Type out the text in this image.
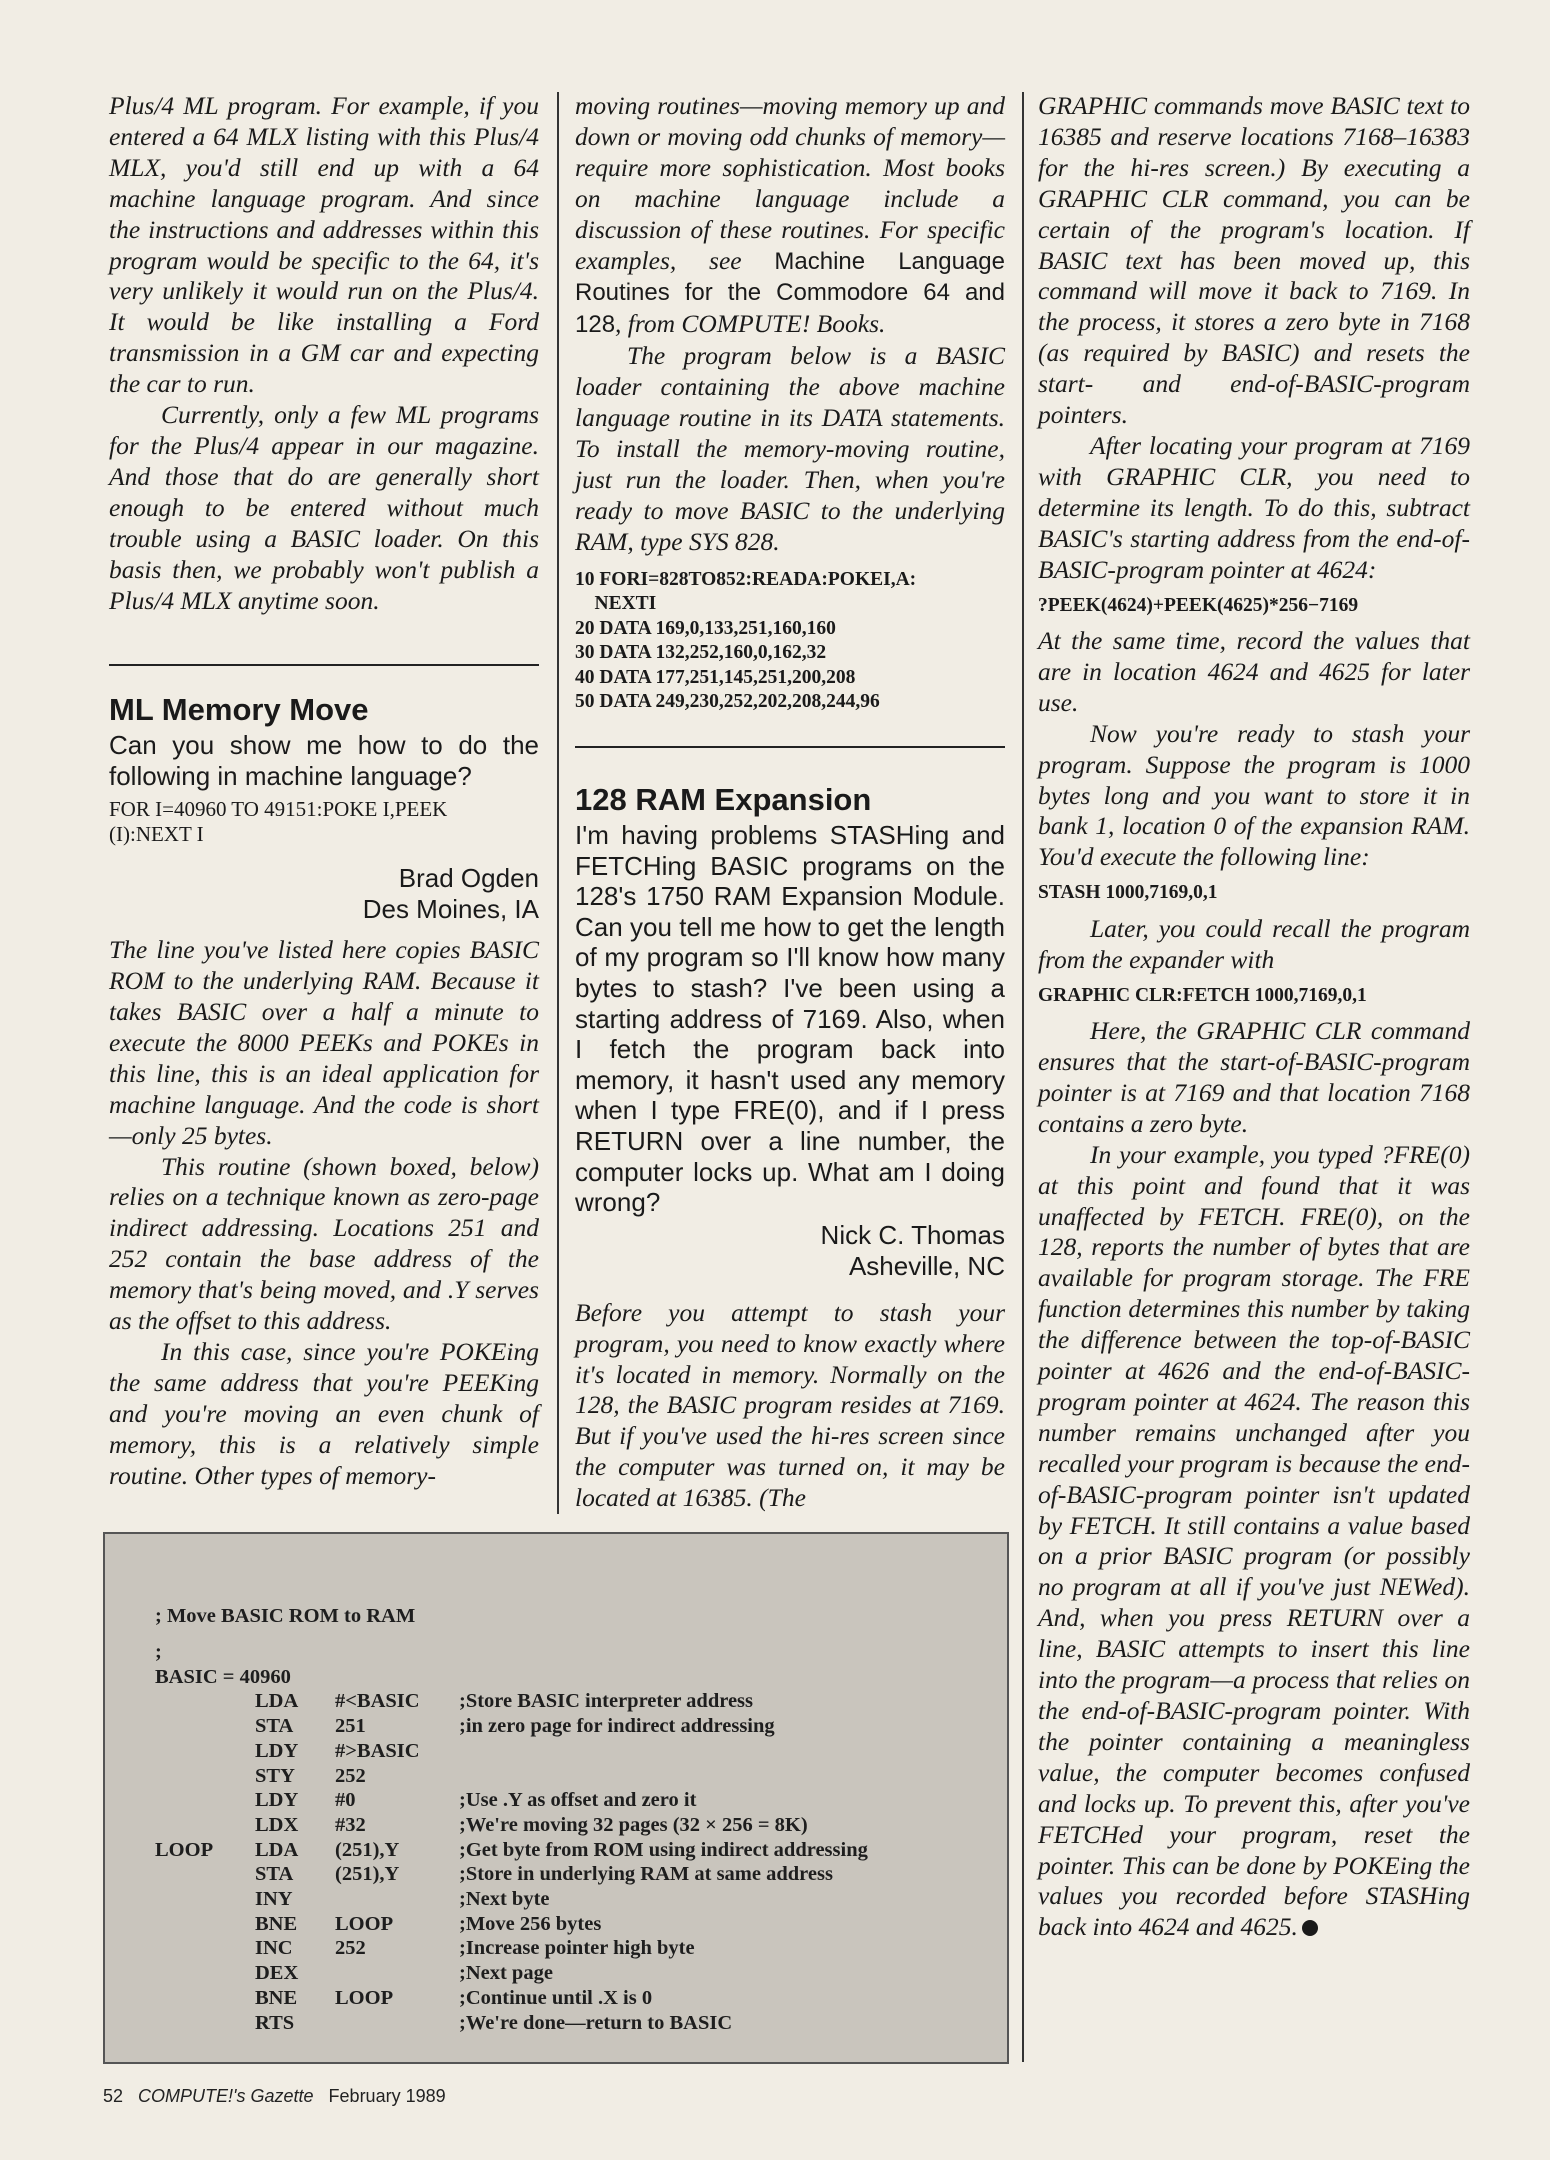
Plus/4 ML program. For example, if you entered a 64 MLX listing with this Plus/4 MLX, you'd still end up with a 64 machine language program. And since the instructions and addresses within this program would be specific to the 64, it's very unlikely it would run on the Plus/4. It would be like installing a Ford transmission in a GM car and expecting the car to run.

Currently, only a few ML programs for the Plus/4 appear in our magazine. And those that do are generally short enough to be entered without much trouble using a BASIC loader. On this basis then, we probably won't publish a Plus/4 MLX anytime soon.

ML Memory Move

Can you show me how to do the following in machine language?

FOR I=40960 TO 49151:POKE I,PEEK (I):NEXT I

Brad Ogden

Des Moines, IA

The line you've listed here copies BASIC ROM to the underlying RAM. Because it takes BASIC over a half a minute to execute the 8000 PEEKs and POKEs in this line, this is an ideal application for machine language. And the code is short—only 25 bytes.

This routine (shown boxed, below) relies on a technique known as zero-page indirect addressing. Locations 251 and 252 contain the base address of the memory that's being moved, and .Y serves as the offset to this address.

In this case, since you're POKEing the same address that you're PEEKing and you're moving an even chunk of memory, this is a relatively simple routine. Other types of memory-

moving routines—moving memory up and down or moving odd chunks of memory—require more sophistication. Most books on machine language include a discussion of these routines. For specific examples, see Machine Language Routines for the Commodore 64 and 128, from COMPUTE! Books.

The program below is a BASIC loader containing the above machine language routine in its DATA statements. To install the memory-moving routine, just run the loader. Then, when you're ready to move BASIC to the underlying RAM, type SYS 828.

10 FORI=828TO852:READA:POKEI,A:
NEXTI
20 DATA 169,0,133,251,160,160
30 DATA 132,252,160,0,162,32
40 DATA 177,251,145,251,200,208
50 DATA 249,230,252,202,208,244,96

128 RAM Expansion

I'm having problems STASHing and FETCHing BASIC programs on the 128's 1750 RAM Expansion Module. Can you tell me how to get the length of my program so I'll know how many bytes to stash? I've been using a starting address of 7169. Also, when I fetch the program back into memory, it hasn't used any memory when I type FRE(0), and if I press RETURN over a line number, the computer locks up. What am I doing wrong?

Nick C. Thomas

Asheville, NC

Before you attempt to stash your program, you need to know exactly where it's located in memory. Normally on the 128, the BASIC program resides at 7169. But if you've used the hi-res screen since the computer was turned on, it may be located at 16385. (The

GRAPHIC commands move BASIC text to 16385 and reserve locations 7168–16383 for the hi-res screen.) By executing a GRAPHIC CLR command, you can be certain of the program's location. If BASIC text has been moved up, this command will move it back to 7169. In the process, it stores a zero byte in 7168 (as required by BASIC) and resets the start- and end-of-BASIC-program pointers.

After locating your program at 7169 with GRAPHIC CLR, you need to determine its length. To do this, subtract BASIC's starting address from the end-of-BASIC-program pointer at 4624:

?PEEK(4624)+PEEK(4625)*256−7169

At the same time, record the values that are in location 4624 and 4625 for later use.

Now you're ready to stash your program. Suppose the program is 1000 bytes long and you want to store it in bank 1, location 0 of the expansion RAM. You'd execute the following line:

STASH 1000,7169,0,1

Later, you could recall the program from the expander with

GRAPHIC CLR:FETCH 1000,7169,0,1

Here, the GRAPHIC CLR command ensures that the start-of-BASIC-program pointer is at 7169 and that location 7168 contains a zero byte.

In your example, you typed ?FRE(0) at this point and found that it was unaffected by FETCH. FRE(0), on the 128, reports the number of bytes that are available for program storage. The FRE function determines this number by taking the difference between the top-of-BASIC pointer at 4626 and the end-of-BASIC-program pointer at 4624. The reason this number remains unchanged after you recalled your program is because the end-of-BASIC-program pointer isn't updated by FETCH. It still contains a value based on a prior BASIC program (or possibly no program at all if you've just NEWed). And, when you press RETURN over a line, BASIC attempts to insert this line into the program—a process that relies on the end-of-BASIC-program pointer. With the pointer containing a meaningless value, the computer becomes confused and locks up. To prevent this, after you've FETCHed your program, reset the pointer. This can be done by POKEing the values you recorded before STASHing back into 4624 and 4625.

; Move BASIC ROM to RAM			
;			
BASIC = 40960			
	LDA	#<BASIC	;Store BASIC interpreter address
	STA	251	;in zero page for indirect addressing
	LDY	#>BASIC	
	STY	252	
	LDY	#0	;Use .Y as offset and zero it
	LDX	#32	;We're moving 32 pages (32 × 256 = 8K)
LOOP	LDA	(251),Y	;Get byte from ROM using indirect addressing
	STA	(251),Y	;Store in underlying RAM at same address
	INY		;Next byte
	BNE	LOOP	;Move 256 bytes
	INC	252	;Increase pointer high byte
	DEX		;Next page
	BNE	LOOP	;Continue until .X is 0
	RTS		;We're done—return to BASIC
52 COMPUTE!'s Gazette February 1989
